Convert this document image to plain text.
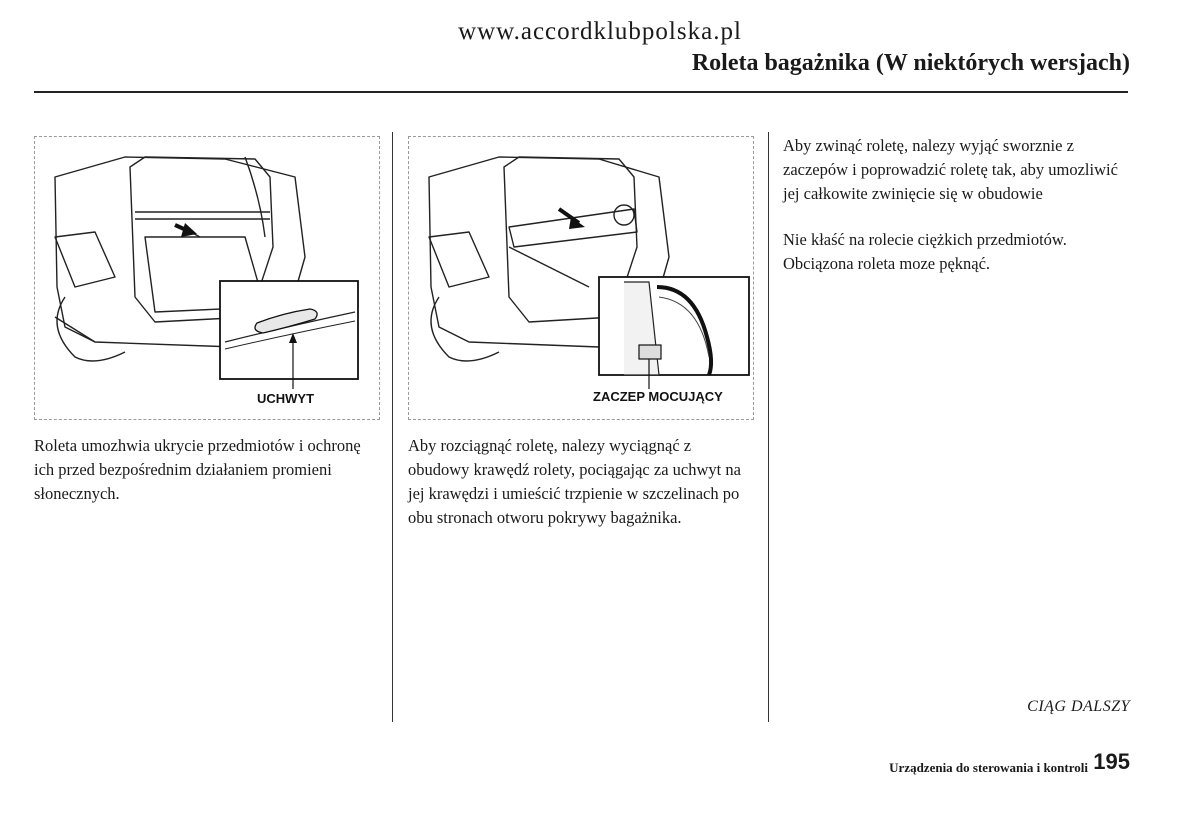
www.accordklubpolska.pl
Roleta bagażnika (W niektórych wersjach)
UCHWYT	ZACZEP MOCUJĄCY

Roleta umozhwia ukrycie przedmiotów i ochronę ich przed bezpośrednim działaniem promieni słonecznych.

Aby rozciągnąć roletę, nalezy wyciągnąć z obudowy krawędź rolety, pociągając za uchwyt na jej krawędzi i umieścić trzpienie w szczelinach po obu stronach otworu pokrywy bagażnika.

Aby zwinąć roletę, nalezy wyjąć sworznie z zaczepów i poprowadzić roletę tak, aby umozliwić jej całkowite zwinięcie się w obudowie

Nie kłaść na rolecie ciężkich przedmiotów. Obciązona roleta moze pęknąć.

CIĄG DALSZY
Urządzenia do sterowania i kontroli 195
